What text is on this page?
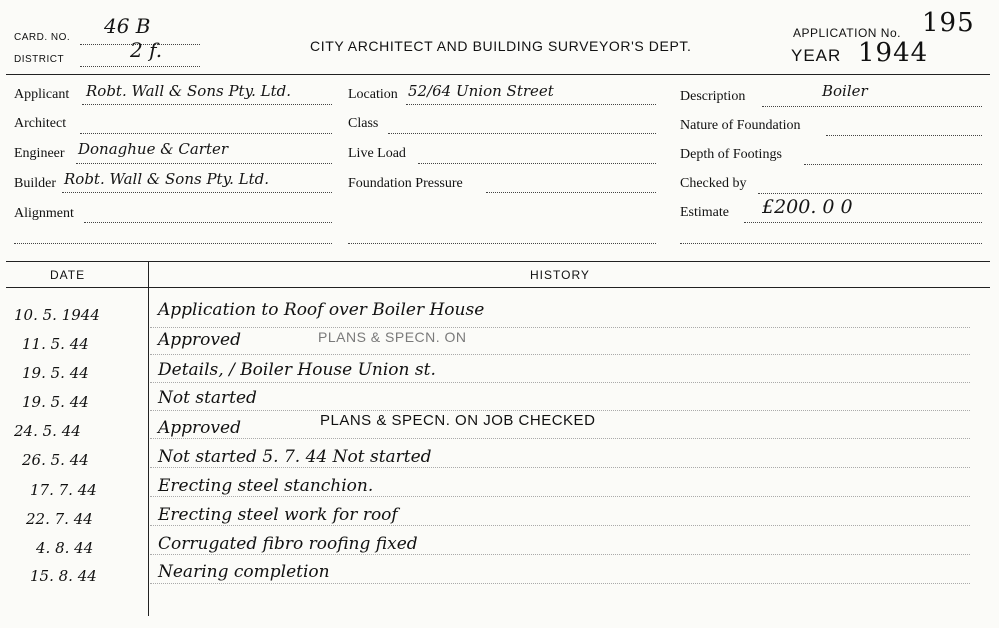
CARD. NO. 46 B
DISTRICT	2 f.	CITY ARCHITECT AND BUILDING SURVEYOR'S DEPT.
APPLICATION No. 195
YEAR 1944
Applicant Robt. Wall & Sons Pty. Ltd.
Architect
Engineer Donaghue & Carter
Builder Robt. Wall & Sons Pty. Ltd.
Alignment
Location 52/64 Union Street
Class
Live Load
Foundation Pressure
Description	Boiler
Nature of Foundation
Depth of Footings
Checked by
Estimate £200. 0 0
DATE	HISTORY
10. 5. 1944	Application to Roof over Boiler House
11. 5. 44	Approved	PLANS & SPECN. ON
19. 5. 44	Details, / Boiler House Union st.
19. 5. 44	Not started
PLANS & SPECN. ON JOB CHECKED
24. 5. 44	Approved
26. 5. 44	Not started 5. 7. 44 Not started
17. 7. 44	Erecting steel stanchion.
22. 7. 44	Erecting steel work for roof
4. 8. 44	Corrugated fibro roofing fixed
15. 8. 44	Nearing completion
